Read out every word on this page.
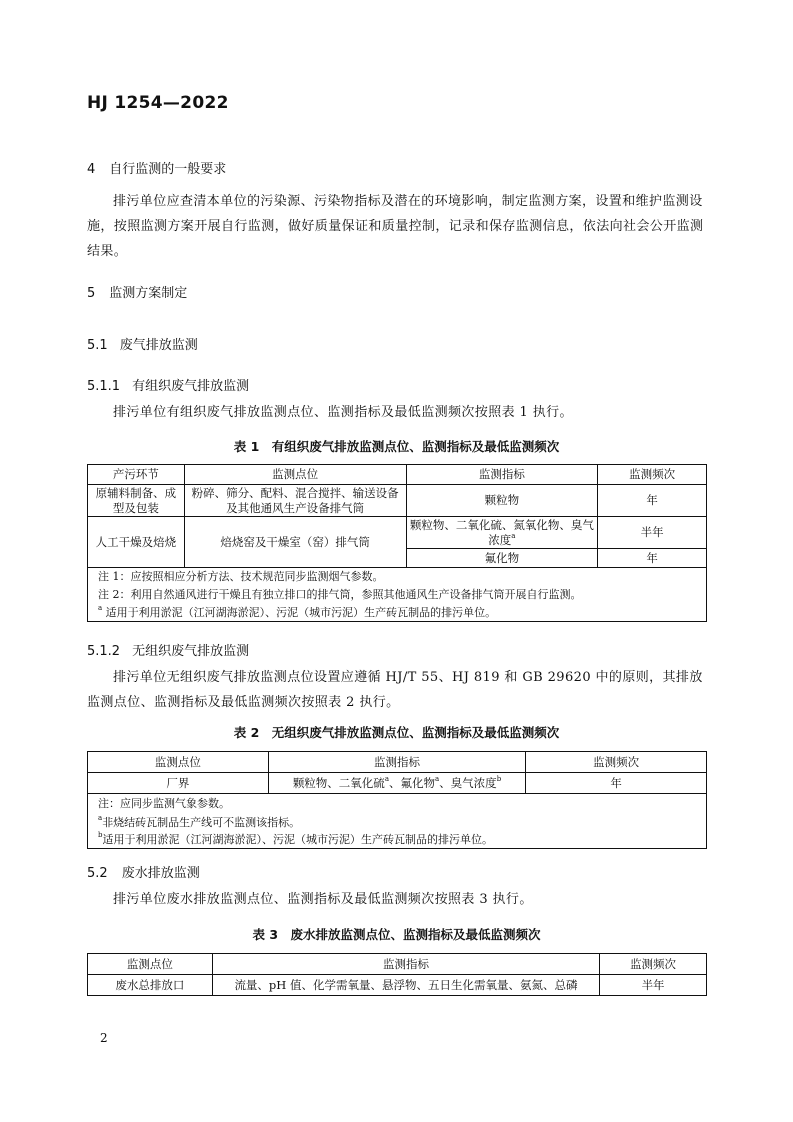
HJ 1254—2022
4 自行监测的一般要求
排污单位应查清本单位的污染源、污染物指标及潜在的环境影响，制定监测方案，设置和维护监测设施，按照监测方案开展自行监测，做好质量保证和质量控制，记录和保存监测信息，依法向社会公开监测结果。
5 监测方案制定
5.1 废气排放监测
5.1.1 有组织废气排放监测
排污单位有组织废气排放监测点位、监测指标及最低监测频次按照表 1 执行。
表 1　有组织废气排放监测点位、监测指标及最低监测频次
产污环节	监测点位	监测指标	监测频次
原辅料制备、成型及包装	粉碎、筛分、配料、混合搅拌、输送设备及其他通风生产设备排气筒	颗粒物	年
人工干燥及焙烧	焙烧窑及干燥室（窑）排气筒	颗粒物、二氧化硫、氮氧化物、臭气浓度$^a$	半年
		氟化物	年
注 1：应按照相应分析方法、技术规范同步监测烟气参数。			
注 2：利用自然通风进行干燥且有独立排口的排气筒，参照其他通风生产设备排气筒开展自行监测。			
$^a$ 适用于利用淤泥（江河湖海淤泥）、污泥（城市污泥）生产砖瓦制品的排污单位。			
5.1.2 无组织废气排放监测
排污单位无组织废气排放监测点位设置应遵循 HJ/T 55、HJ 819 和 GB 29620 中的原则，其排放监测点位、监测指标及最低监测频次按照表 2 执行。
表 2　无组织废气排放监测点位、监测指标及最低监测频次
监测点位	监测指标	监测频次
厂界	颗粒物、二氧化硫$^a$、氟化物$^a$、臭气浓度$^b$	年
注：应同步监测气象参数。		
$^a$非烧结砖瓦制品生产线可不监测该指标。		
$^b$适用于利用淤泥（江河湖海淤泥）、污泥（城市污泥）生产砖瓦制品的排污单位。		
5.2 废水排放监测
排污单位废水排放监测点位、监测指标及最低监测频次按照表 3 执行。
表 3　废水排放监测点位、监测指标及最低监测频次
监测点位	监测指标	监测频次
废水总排放口	流量、pH 值、化学需氧量、悬浮物、五日生化需氧量、氨氮、总磷	半年
2
